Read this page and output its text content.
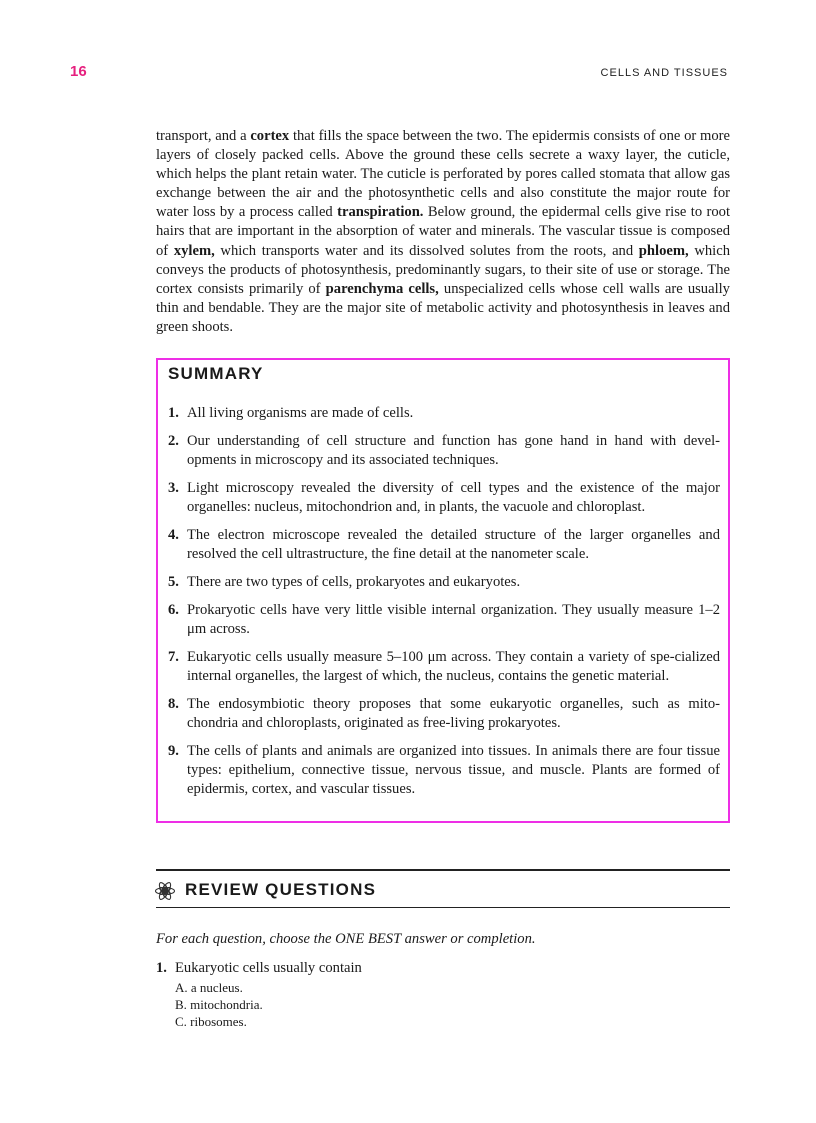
16	CELLS AND TISSUES

transport, and a cortex that fills the space between the two. The epidermis consists of one or more layers of closely packed cells. Above the ground these cells secrete a waxy layer, the cuticle, which helps the plant retain water. The cuticle is perforated by pores called stomata that allow gas exchange between the air and the photosynthetic cells and also constitute the major route for water loss by a process called transpiration. Below ground, the epidermal cells give rise to root hairs that are important in the absorption of water and minerals. The vascular tissue is composed of xylem, which transports water and its dissolved solutes from the roots, and phloem, which conveys the products of photosynthesis, predominantly sugars, to their site of use or storage. The cortex consists primarily of parenchyma cells, unspecialized cells whose cell walls are usually thin and bendable. They are the major site of metabolic activity and photosynthesis in leaves and green shoots.

SUMMARY
1. All living organisms are made of cells.
2. Our understanding of cell structure and function has gone hand in hand with devel-opments in microscopy and its associated techniques.
3. Light microscopy revealed the diversity of cell types and the existence of the major organelles: nucleus, mitochondrion and, in plants, the vacuole and chloroplast.
4. The electron microscope revealed the detailed structure of the larger organelles and resolved the cell ultrastructure, the fine detail at the nanometer scale.
5. There are two types of cells, prokaryotes and eukaryotes.
6. Prokaryotic cells have very little visible internal organization. They usually measure 1–2 μm across.
7. Eukaryotic cells usually measure 5–100 μm across. They contain a variety of spe-cialized internal organelles, the largest of which, the nucleus, contains the genetic material.
8. The endosymbiotic theory proposes that some eukaryotic organelles, such as mito-chondria and chloroplasts, originated as free-living prokaryotes.
9. The cells of plants and animals are organized into tissues. In animals there are four tissue types: epithelium, connective tissue, nervous tissue, and muscle. Plants are formed of epidermis, cortex, and vascular tissues.
REVIEW QUESTIONS

For each question, choose the ONE BEST answer or completion.

1. Eukaryotic cells usually contain
A. a nucleus.
B. mitochondria.
C. ribosomes.
